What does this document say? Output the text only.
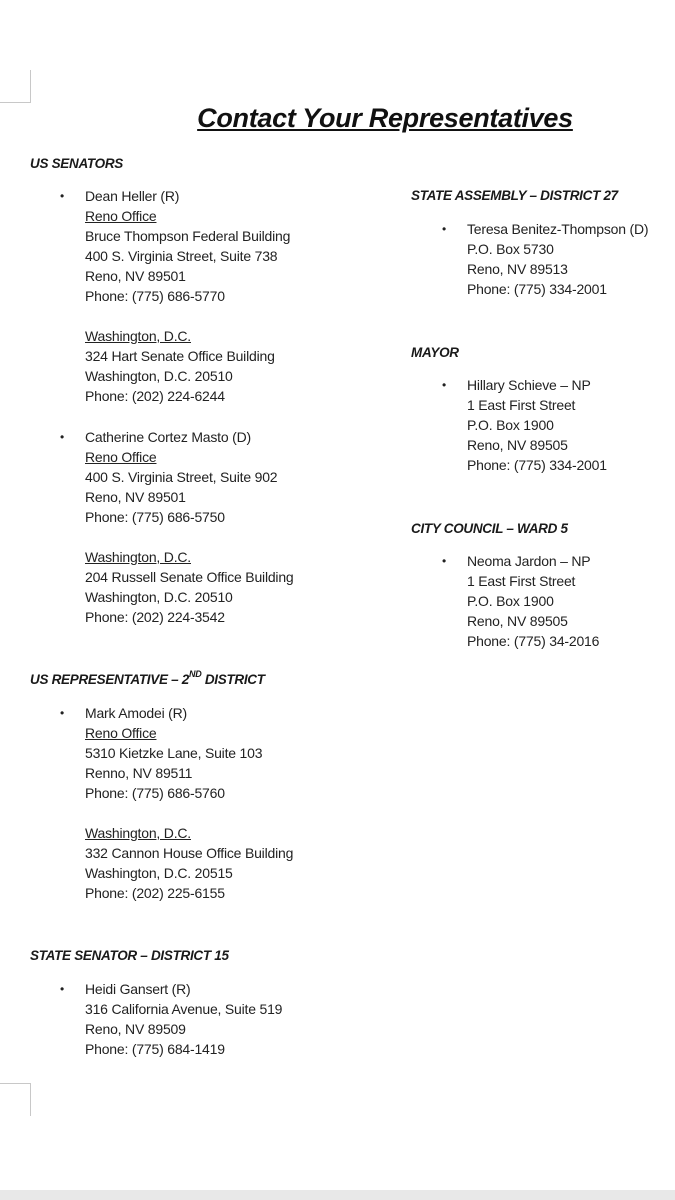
Contact Your Representatives
US SENATORS
• Dean Heller (R)
Reno Office
Bruce Thompson Federal Building
400 S. Virginia Street, Suite 738
Reno, NV 89501
Phone: (775) 686-5770
Washington, D.C.
324 Hart Senate Office Building
Washington, D.C. 20510
Phone: (202) 224-6244
• Catherine Cortez Masto (D)
Reno Office
400 S. Virginia Street, Suite 902
Reno, NV 89501
Phone: (775) 686-5750
Washington, D.C.
204 Russell Senate Office Building
Washington, D.C. 20510
Phone: (202) 224-3542
US REPRESENTATIVE – 2ND DISTRICT
• Mark Amodei (R)
Reno Office
5310 Kietzke Lane, Suite 103
Renno, NV 89511
Phone: (775) 686-5760
Washington, D.C.
332 Cannon House Office Building
Washington, D.C. 20515
Phone: (202) 225-6155
STATE SENATOR – DISTRICT 15
• Heidi Gansert (R)
316 California Avenue, Suite 519
Reno, NV 89509
Phone: (775) 684-1419
STATE ASSEMBLY – DISTRICT 27
• Teresa Benitez-Thompson (D)
P.O. Box 5730
Reno, NV 89513
Phone: (775) 334-2001
MAYOR
• Hillary Schieve – NP
1 East First Street
P.O. Box 1900
Reno, NV 89505
Phone: (775) 334-2001
CITY COUNCIL – WARD 5
• Neoma Jardon – NP
1 East First Street
P.O. Box 1900
Reno, NV 89505
Phone: (775) 34-2016
